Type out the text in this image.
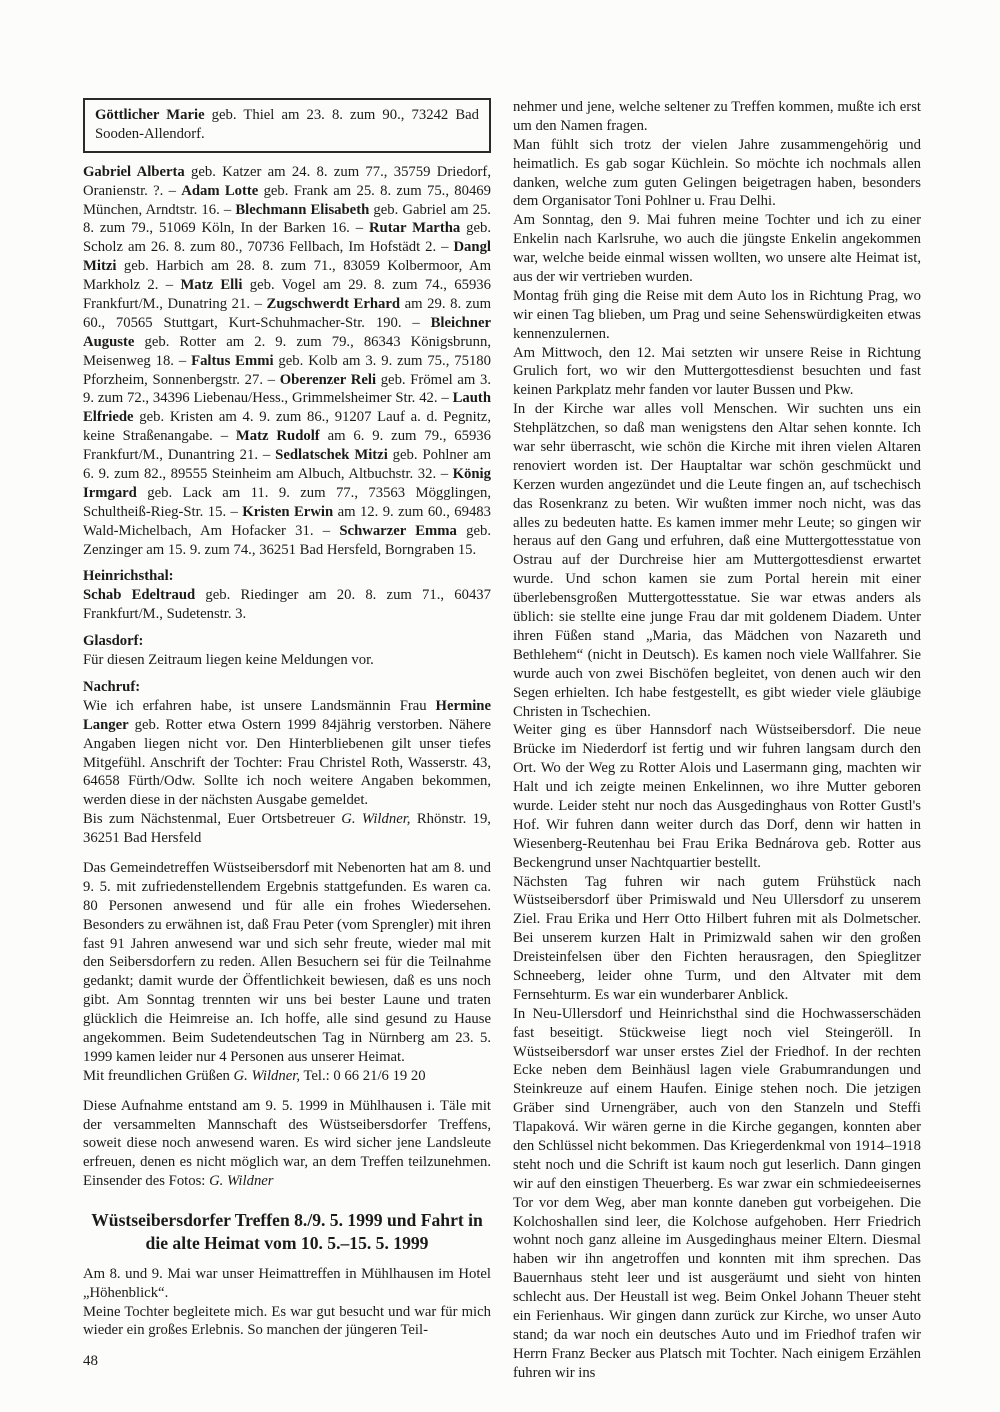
Göttlicher Marie geb. Thiel am 23. 8. zum 90., 73242 Bad Sooden-Allendorf.

Gabriel Alberta geb. Katzer am 24. 8. zum 77., 35759 Driedorf, Oranienstr. ?. – Adam Lotte geb. Frank am 25. 8. zum 75., 80469 München, Arndtstr. 16. – Blechmann Elisabeth geb. Gabriel am 25. 8. zum 79., 51069 Köln, In der Barken 16. – Rutar Martha geb. Scholz am 26. 8. zum 80., 70736 Fellbach, Im Hofstädt 2. – Dangl Mitzi geb. Harbich am 28. 8. zum 71., 83059 Kolbermoor, Am Markholz 2. – Matz Elli geb. Vogel am 29. 8. zum 74., 65936 Frankfurt/M., Dunatring 21. – Zugschwerdt Erhard am 29. 8. zum 60., 70565 Stuttgart, Kurt-Schuhmacher-Str. 190. – Bleichner Auguste geb. Rotter am 2. 9. zum 79., 86343 Königsbrunn, Meisenweg 18. – Faltus Emmi geb. Kolb am 3. 9. zum 75., 75180 Pforzheim, Sonnenbergstr. 27. – Oberenzer Reli geb. Frömel am 3. 9. zum 72., 34396 Liebenau/Hess., Grimmelsheimer Str. 42. – Lauth Elfriede geb. Kristen am 4. 9. zum 86., 91207 Lauf a. d. Pegnitz, keine Straßenangabe. – Matz Rudolf am 6. 9. zum 79., 65936 Frankfurt/M., Dunantring 21. – Sedlatschek Mitzi geb. Pohlner am 6. 9. zum 82., 89555 Steinheim am Albuch, Altbuchstr. 32. – König Irmgard geb. Lack am 11. 9. zum 77., 73563 Mögglingen, Schultheiß-Rieg-Str. 15. – Kristen Erwin am 12. 9. zum 60., 69483 Wald-Michelbach, Am Hofacker 31. – Schwarzer Emma geb. Zenzinger am 15. 9. zum 74., 36251 Bad Hersfeld, Borngraben 15.

Heinrichsthal:

Schab Edeltraud geb. Riedinger am 20. 8. zum 71., 60437 Frankfurt/M., Sudetenstr. 3.

Glasdorf:

Für diesen Zeitraum liegen keine Meldungen vor.

Nachruf:

Wie ich erfahren habe, ist unsere Landsmännin Frau Hermine Langer geb. Rotter etwa Ostern 1999 84jährig verstorben. Nähere Angaben liegen nicht vor. Den Hinterbliebenen gilt unser tiefes Mitgefühl. Anschrift der Tochter: Frau Christel Roth, Wasserstr. 43, 64658 Fürth/Odw. Sollte ich noch weitere Angaben bekommen, werden diese in der nächsten Ausgabe gemeldet.

Bis zum Nächstenmal, Euer Ortsbetreuer G. Wildner, Rhönstr. 19, 36251 Bad Hersfeld

Das Gemeindetreffen Wüstseibersdorf mit Nebenorten hat am 8. und 9. 5. mit zufriedenstellendem Ergebnis stattgefunden. Es waren ca. 80 Personen anwesend und für alle ein frohes Wiedersehen. Besonders zu erwähnen ist, daß Frau Peter (vom Sprengler) mit ihren fast 91 Jahren anwesend war und sich sehr freute, wieder mal mit den Seibersdorfern zu reden. Allen Besuchern sei für die Teilnahme gedankt; damit wurde der Öffentlichkeit bewiesen, daß es uns noch gibt. Am Sonntag trennten wir uns bei bester Laune und traten glücklich die Heimreise an. Ich hoffe, alle sind gesund zu Hause angekommen. Beim Sudetendeutschen Tag in Nürnberg am 23. 5. 1999 kamen leider nur 4 Personen aus unserer Heimat.

Mit freundlichen Grüßen G. Wildner, Tel.: 0 66 21/6 19 20

Diese Aufnahme entstand am 9. 5. 1999 in Mühlhausen i. Täle mit der versammelten Mannschaft des Wüstseibersdorfer Treffens, soweit diese noch anwesend waren. Es wird sicher jene Landsleute erfreuen, denen es nicht möglich war, an dem Treffen teilzunehmen. Einsender des Fotos: G. Wildner

Wüstseibersdorfer Treffen 8./9. 5. 1999 und Fahrt in die alte Heimat vom 10. 5.–15. 5. 1999

Am 8. und 9. Mai war unser Heimattreffen in Mühlhausen im Hotel „Höhenblick“.

Meine Tochter begleitete mich. Es war gut besucht und war für mich wieder ein großes Erlebnis. So manchen der jüngeren Teil-

nehmer und jene, welche seltener zu Treffen kommen, mußte ich erst um den Namen fragen.

Man fühlt sich trotz der vielen Jahre zusammengehörig und heimatlich. Es gab sogar Küchlein. So möchte ich nochmals allen danken, welche zum guten Gelingen beigetragen haben, besonders dem Organisator Toni Pohlner u. Frau Delhi.

Am Sonntag, den 9. Mai fuhren meine Tochter und ich zu einer Enkelin nach Karlsruhe, wo auch die jüngste Enkelin angekommen war, welche beide einmal wissen wollten, wo unsere alte Heimat ist, aus der wir vertrieben wurden.

Montag früh ging die Reise mit dem Auto los in Richtung Prag, wo wir einen Tag blieben, um Prag und seine Sehenswürdigkeiten etwas kennenzulernen.

Am Mittwoch, den 12. Mai setzten wir unsere Reise in Richtung Grulich fort, wo wir den Muttergottesdienst besuchten und fast keinen Parkplatz mehr fanden vor lauter Bussen und Pkw.

In der Kirche war alles voll Menschen. Wir suchten uns ein Stehplätzchen, so daß man wenigstens den Altar sehen konnte. Ich war sehr überrascht, wie schön die Kirche mit ihren vielen Altaren renoviert worden ist. Der Hauptaltar war schön geschmückt und Kerzen wurden angezündet und die Leute fingen an, auf tschechisch das Rosenkranz zu beten. Wir wußten immer noch nicht, was das alles zu bedeuten hatte. Es kamen immer mehr Leute; so gingen wir heraus auf den Gang und erfuhren, daß eine Muttergottesstatue von Ostrau auf der Durchreise hier am Muttergottesdienst erwartet wurde. Und schon kamen sie zum Portal herein mit einer überlebensgroßen Muttergottesstatue. Sie war etwas anders als üblich: sie stellte eine junge Frau dar mit goldenem Diadem. Unter ihren Füßen stand „Maria, das Mädchen von Nazareth und Bethlehem“ (nicht in Deutsch). Es kamen noch viele Wallfahrer. Sie wurde auch von zwei Bischöfen begleitet, von denen auch wir den Segen erhielten. Ich habe festgestellt, es gibt wieder viele gläubige Christen in Tschechien.

Weiter ging es über Hannsdorf nach Wüstseibersdorf. Die neue Brücke im Niederdorf ist fertig und wir fuhren langsam durch den Ort. Wo der Weg zu Rotter Alois und Lasermann ging, machten wir Halt und ich zeigte meinen Enkelinnen, wo ihre Mutter geboren wurde. Leider steht nur noch das Ausgedinghaus von Rotter Gustl's Hof. Wir fuhren dann weiter durch das Dorf, denn wir hatten in Wiesenberg-Reutenhau bei Frau Erika Bednárova geb. Rotter aus Beckengrund unser Nachtquartier bestellt.

Nächsten Tag fuhren wir nach gutem Frühstück nach Wüstseibersdorf über Primiswald und Neu Ullersdorf zu unserem Ziel. Frau Erika und Herr Otto Hilbert fuhren mit als Dolmetscher. Bei unserem kurzen Halt in Primizwald sahen wir den großen Dreisteinfelsen über den Fichten herausragen, den Spieglitzer Schneeberg, leider ohne Turm, und den Altvater mit dem Fernsehturm. Es war ein wunderbarer Anblick.

In Neu-Ullersdorf und Heinrichsthal sind die Hochwasserschäden fast beseitigt. Stückweise liegt noch viel Steingeröll. In Wüstseibersdorf war unser erstes Ziel der Friedhof. In der rechten Ecke neben dem Beinhäusl lagen viele Grabumrandungen und Steinkreuze auf einem Haufen. Einige stehen noch. Die jetzigen Gräber sind Urnengräber, auch von den Stanzeln und Steffi Tlapaková. Wir wären gerne in die Kirche gegangen, konnten aber den Schlüssel nicht bekommen. Das Kriegerdenkmal von 1914–1918 steht noch und die Schrift ist kaum noch gut leserlich. Dann gingen wir auf den einstigen Theuerberg. Es war zwar ein schmiedeeisernes Tor vor dem Weg, aber man konnte daneben gut vorbeigehen. Die Kolchoshallen sind leer, die Kolchose aufgehoben. Herr Friedrich wohnt noch ganz alleine im Ausgedinghaus meiner Eltern. Diesmal haben wir ihn angetroffen und konnten mit ihm sprechen. Das Bauernhaus steht leer und ist ausgeräumt und sieht von hinten schlecht aus. Der Heustall ist weg. Beim Onkel Johann Theuer steht ein Ferienhaus. Wir gingen dann zurück zur Kirche, wo unser Auto stand; da war noch ein deutsches Auto und im Friedhof trafen wir Herrn Franz Becker aus Platsch mit Tochter. Nach einigem Erzählen fuhren wir ins

48
